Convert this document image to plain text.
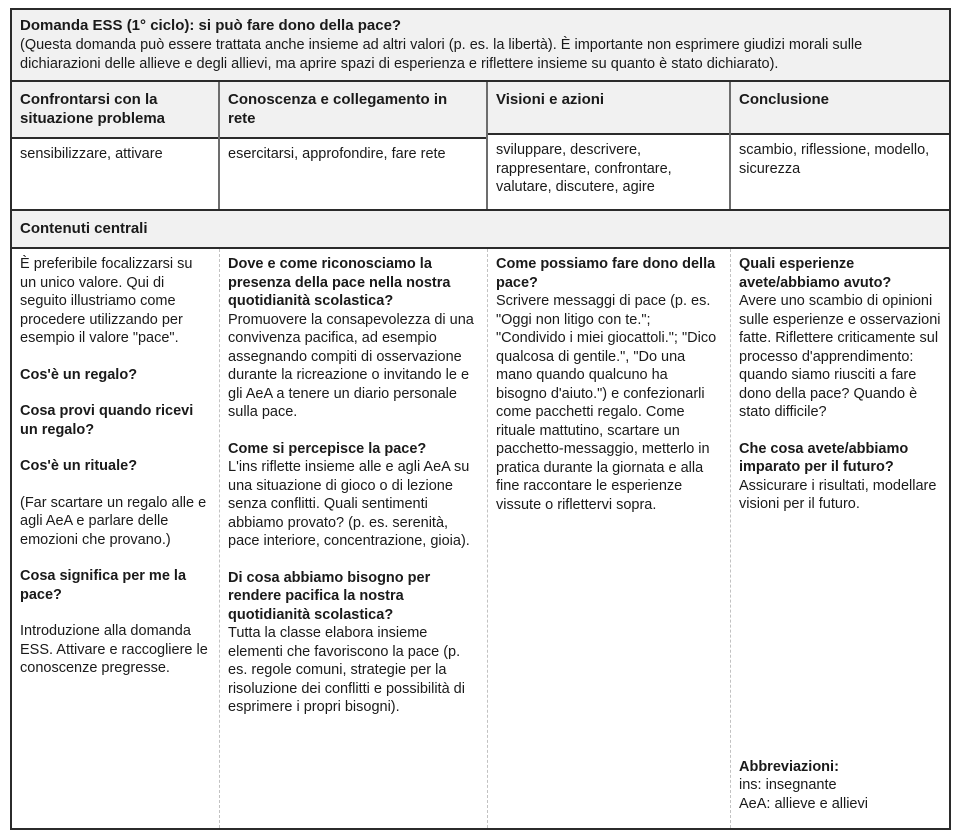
Domanda ESS (1° ciclo): si può fare dono della pace?
(Questa domanda può essere trattata anche insieme ad altri valori (p. es. la libertà). È importante non esprimere giudizi morali sulle dichiarazioni delle allieve e degli allievi, ma aprire spazi di esperienza e riflettere insieme su quanto è stato dichiarato).
Confrontarsi con la situazione problema
sensibilizzare, attivare
Conoscenza e collegamento in rete
esercitarsi, approfondire, fare rete
Visioni e azioni
sviluppare, descrivere, rappresentare, confrontare, valutare, discutere, agire
Conclusione
scambio, riflessione, modello, sicurezza
Contenuti centrali
È preferibile focalizzarsi su un unico valore. Qui di seguito illustriamo come procedere utilizzando per esempio il valore "pace".
Cos'è un regalo?
Cosa provi quando ricevi un regalo?
Cos'è un rituale?
(Far scartare un regalo alle e agli AeA e parlare delle emozioni che provano.)
Cosa significa per me la pace?
Introduzione alla domanda ESS. Attivare e raccogliere le conoscenze pregresse.
Dove e come riconosciamo la presenza della pace nella nostra quotidianità scolastica?
Promuovere la consapevolezza di una convivenza pacifica, ad esempio assegnando compiti di osservazione durante la ricreazione o invitando le e gli AeA a tenere un diario personale sulla pace.
Come si percepisce la pace?
L'ins riflette insieme alle e agli AeA su una situazione di gioco o di lezione senza conflitti. Quali sentimenti abbiamo provato? (p. es. serenità, pace interiore, concentrazione, gioia).
Di cosa abbiamo bisogno per rendere pacifica la nostra quotidianità scolastica?
Tutta la classe elabora insieme elementi che favoriscono la pace (p. es. regole comuni, strategie per la risoluzione dei conflitti e possibilità di esprimere i propri bisogni).
Come possiamo fare dono della pace?
Scrivere messaggi di pace (p. es. "Oggi non litigo con te."; "Condivido i miei giocattoli."; "Dico qualcosa di gentile.", "Do una mano quando qualcuno ha bisogno d'aiuto.") e confezionarli come pacchetti regalo. Come rituale mattutino, scartare un pacchetto-messaggio, metterlo in pratica durante la giornata e alla fine raccontare le esperienze vissute o riflettervi sopra.
Quali esperienze avete/abbiamo avuto?
Avere uno scambio di opinioni sulle esperienze e osservazioni fatte. Riflettere criticamente sul processo d'apprendimento: quando siamo riusciti a fare dono della pace? Quando è stato difficile?
Che cosa avete/abbiamo imparato per il futuro?
Assicurare i risultati, modellare visioni per il futuro.
Abbreviazioni:
ins: insegnante
AeA: allieve e allievi
